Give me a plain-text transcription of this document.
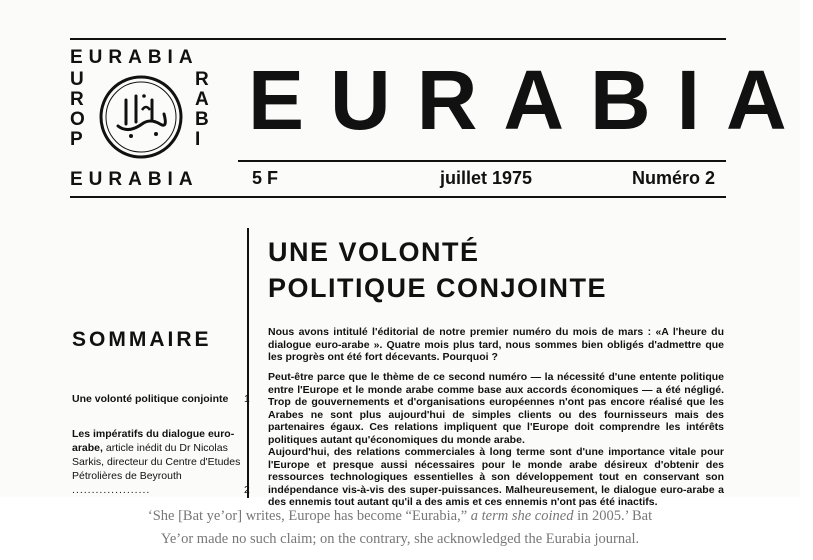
EURABIA
U
R
O
P
R
A
B
I
EURABIA
EURABIA
5 F	juillet 1975	Numéro 2
UNE VOLONTÉ
POLITIQUE CONJOINTE
SOMMAIRE
Une volonté politique conjointe 1
Les impératifs du dialogue euro-arabe, article inédit du Dr Nicolas Sarkis, directeur du Centre d'Etudes Pétrolières de Beyrouth ....................	2

Nous avons intitulé l'éditorial de notre premier numéro du mois de mars : «A l'heure du dialogue euro-arabe ». Quatre mois plus tard, nous sommes bien obligés d'admettre que les progrès ont été fort décevants. Pourquoi ?

Peut-être parce que le thème de ce second numéro — la nécessité d'une entente politique entre l'Europe et le monde arabe comme base aux accords économiques — a été négligé. Trop de gouvernements et d'organisations européennes n'ont pas encore réalisé que les Arabes ne sont plus aujourd'hui de simples clients ou des fournisseurs mais des partenaires égaux. Ces relations impliquent que l'Europe doit comprendre les intérêts politiques autant qu'économiques du monde arabe.

Aujourd'hui, des relations commerciales à long terme sont d'une importance vitale pour l'Europe et presque aussi nécessaires pour le monde arabe désireux d'obtenir des ressources technologiques essentielles à son développement tout en conservant son indépendance vis-à-vis des super-puissances. Malheureusement, le dialogue euro-arabe a des ennemis tout autant qu'il a des amis et ces ennemis n'ont pas été inactifs.

‘She [Bat ye’or] writes, Europe has become “Eurabia,” a term she coined in 2005.’ Bat
Ye’or made no such claim; on the contrary, she acknowledged the Eurabia journal.
